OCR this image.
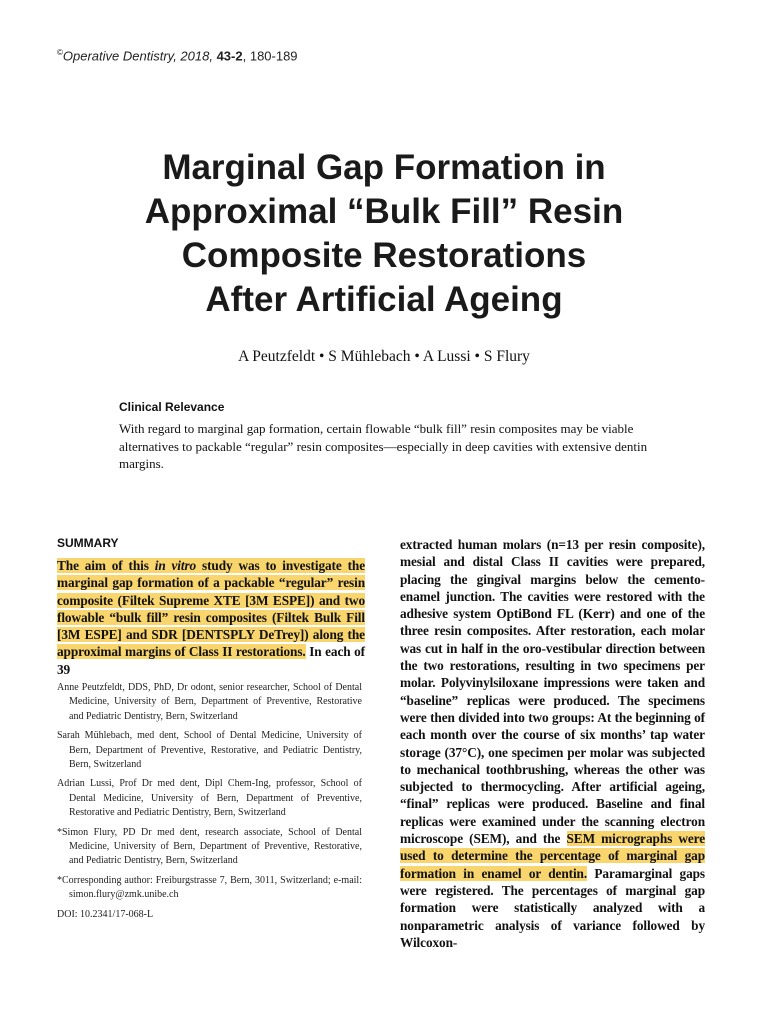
©Operative Dentistry, 2018, 43-2, 180-189
Marginal Gap Formation in
Approximal “Bulk Fill” Resin
Composite Restorations
After Artificial Ageing
A Peutzfeldt • S Mühlebach • A Lussi • S Flury
Clinical Relevance

With regard to marginal gap formation, certain flowable “bulk fill” resin composites may be viable alternatives to packable “regular” resin composites—especially in deep cavities with extensive dentin margins.

SUMMARY

The aim of this in vitro study was to investigate the marginal gap formation of a packable “regular” resin composite (Filtek Supreme XTE [3M ESPE]) and two flowable “bulk fill” resin composites (Filtek Bulk Fill [3M ESPE] and SDR [DENTSPLY DeTrey]) along the approximal margins of Class II restorations. In each of 39

extracted human molars (n=13 per resin composite), mesial and distal Class II cavities were prepared, placing the gingival margins below the cemento-enamel junction. The cavities were restored with the adhesive system OptiBond FL (Kerr) and one of the three resin composites. After restoration, each molar was cut in half in the oro-vestibular direction between the two restorations, resulting in two specimens per molar. Polyvinylsiloxane impressions were taken and “baseline” replicas were produced. The specimens were then divided into two groups: At the beginning of each month over the course of six months’ tap water storage (37°C), one specimen per molar was subjected to mechanical toothbrushing, whereas the other was subjected to thermocycling. After artificial ageing, “final” replicas were produced. Baseline and final replicas were examined under the scanning electron microscope (SEM), and the SEM micrographs were used to determine the percentage of marginal gap formation in enamel or dentin. Paramarginal gaps were registered. The percentages of marginal gap formation were statistically analyzed with a nonparametric analysis of variance followed by Wilcoxon-

Anne Peutzfeldt, DDS, PhD, Dr odont, senior researcher, School of Dental Medicine, University of Bern, Department of Preventive, Restorative and Pediatric Dentistry, Bern, Switzerland

Sarah Mühlebach, med dent, School of Dental Medicine, University of Bern, Department of Preventive, Restorative, and Pediatric Dentistry, Bern, Switzerland

Adrian Lussi, Prof Dr med dent, Dipl Chem-Ing, professor, School of Dental Medicine, University of Bern, Department of Preventive, Restorative and Pediatric Dentistry, Bern, Switzerland

*Simon Flury, PD Dr med dent, research associate, School of Dental Medicine, University of Bern, Department of Preventive, Restorative, and Pediatric Dentistry, Bern, Switzerland

*Corresponding author: Freiburgstrasse 7, Bern, 3011, Switzerland; e-mail: simon.flury@zmk.unibe.ch

DOI: 10.2341/17-068-L
